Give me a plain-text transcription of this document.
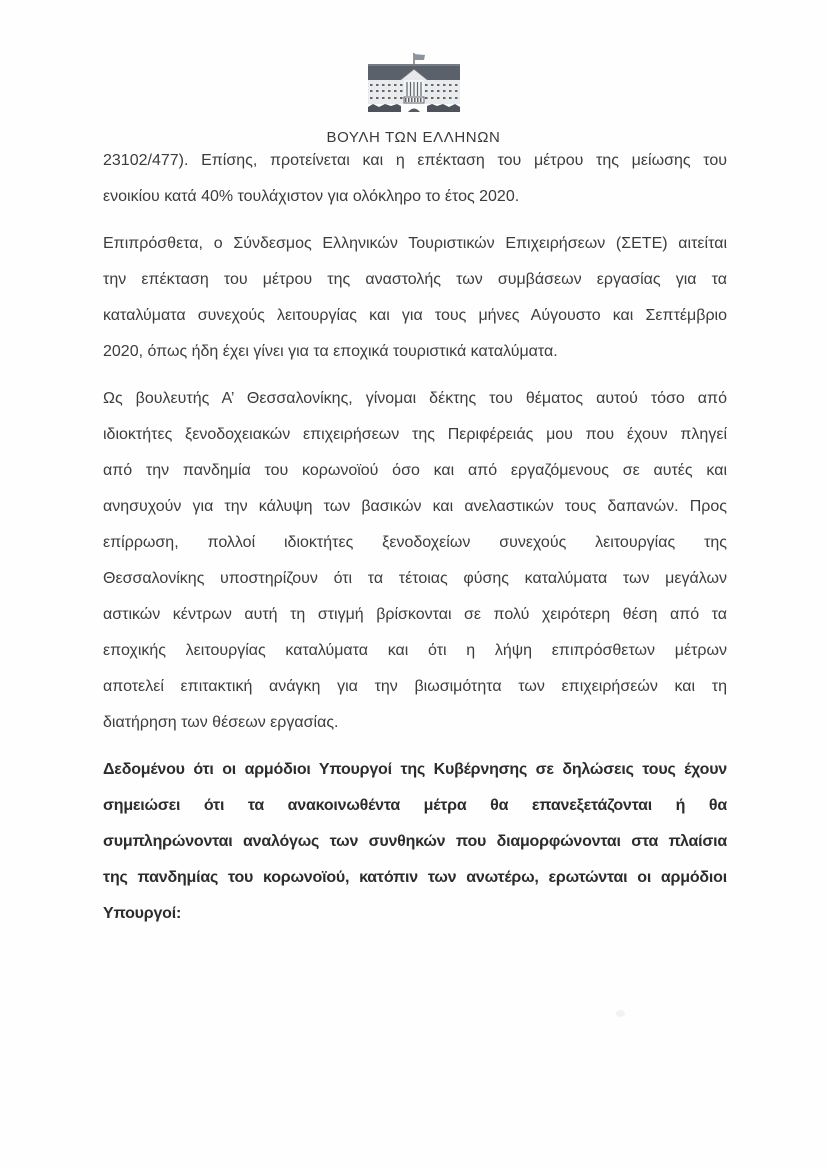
ΒΟΥΛΗ ΤΩΝ ΕΛΛΗΝΩΝ
23102/477). Επίσης, προτείνεται και η επέκταση του μέτρου της μείωσης του
ενοικίου κατά 40% τουλάχιστον για ολόκληρο το έτος 2020.
Επιπρόσθετα, ο Σύνδεσμος Ελληνικών Τουριστικών Επιχειρήσεων (ΣΕΤΕ) αιτείται
την επέκταση του μέτρου της αναστολής των συμβάσεων εργασίας για τα
καταλύματα συνεχούς λειτουργίας και για τους μήνες Αύγουστο και Σεπτέμβριο
2020, όπως ήδη έχει γίνει για τα εποχικά τουριστικά καταλύματα.
Ως βουλευτής Α’ Θεσσαλονίκης, γίνομαι δέκτης του θέματος αυτού τόσο από
ιδιοκτήτες ξενοδοχειακών επιχειρήσεων της Περιφέρειάς μου που έχουν πληγεί
από την πανδημία του κορωνοϊού όσο και από εργαζόμενους σε αυτές και
ανησυχούν για την κάλυψη των βασικών και ανελαστικών τους δαπανών. Προς
επίρρωση, πολλοί ιδιοκτήτες ξενοδοχείων συνεχούς λειτουργίας της
Θεσσαλονίκης υποστηρίζουν ότι τα τέτοιας φύσης καταλύματα των μεγάλων
αστικών κέντρων αυτή τη στιγμή βρίσκονται σε πολύ χειρότερη θέση από τα
εποχικής λειτουργίας καταλύματα και ότι η λήψη επιπρόσθετων μέτρων
αποτελεί επιτακτική ανάγκη για την βιωσιμότητα των επιχειρήσεών και τη
διατήρηση των θέσεων εργασίας.
Δεδομένου ότι οι αρμόδιοι Υπουργοί της Κυβέρνησης σε δηλώσεις τους έχουν
σημειώσει ότι τα ανακοινωθέντα μέτρα θα επανεξετάζονται ή θα
συμπληρώνονται αναλόγως των συνθηκών που διαμορφώνονται στα πλαίσια
της πανδημίας του κορωνοϊού, κατόπιν των ανωτέρω, ερωτώνται οι αρμόδιοι
Υπουργοί:
